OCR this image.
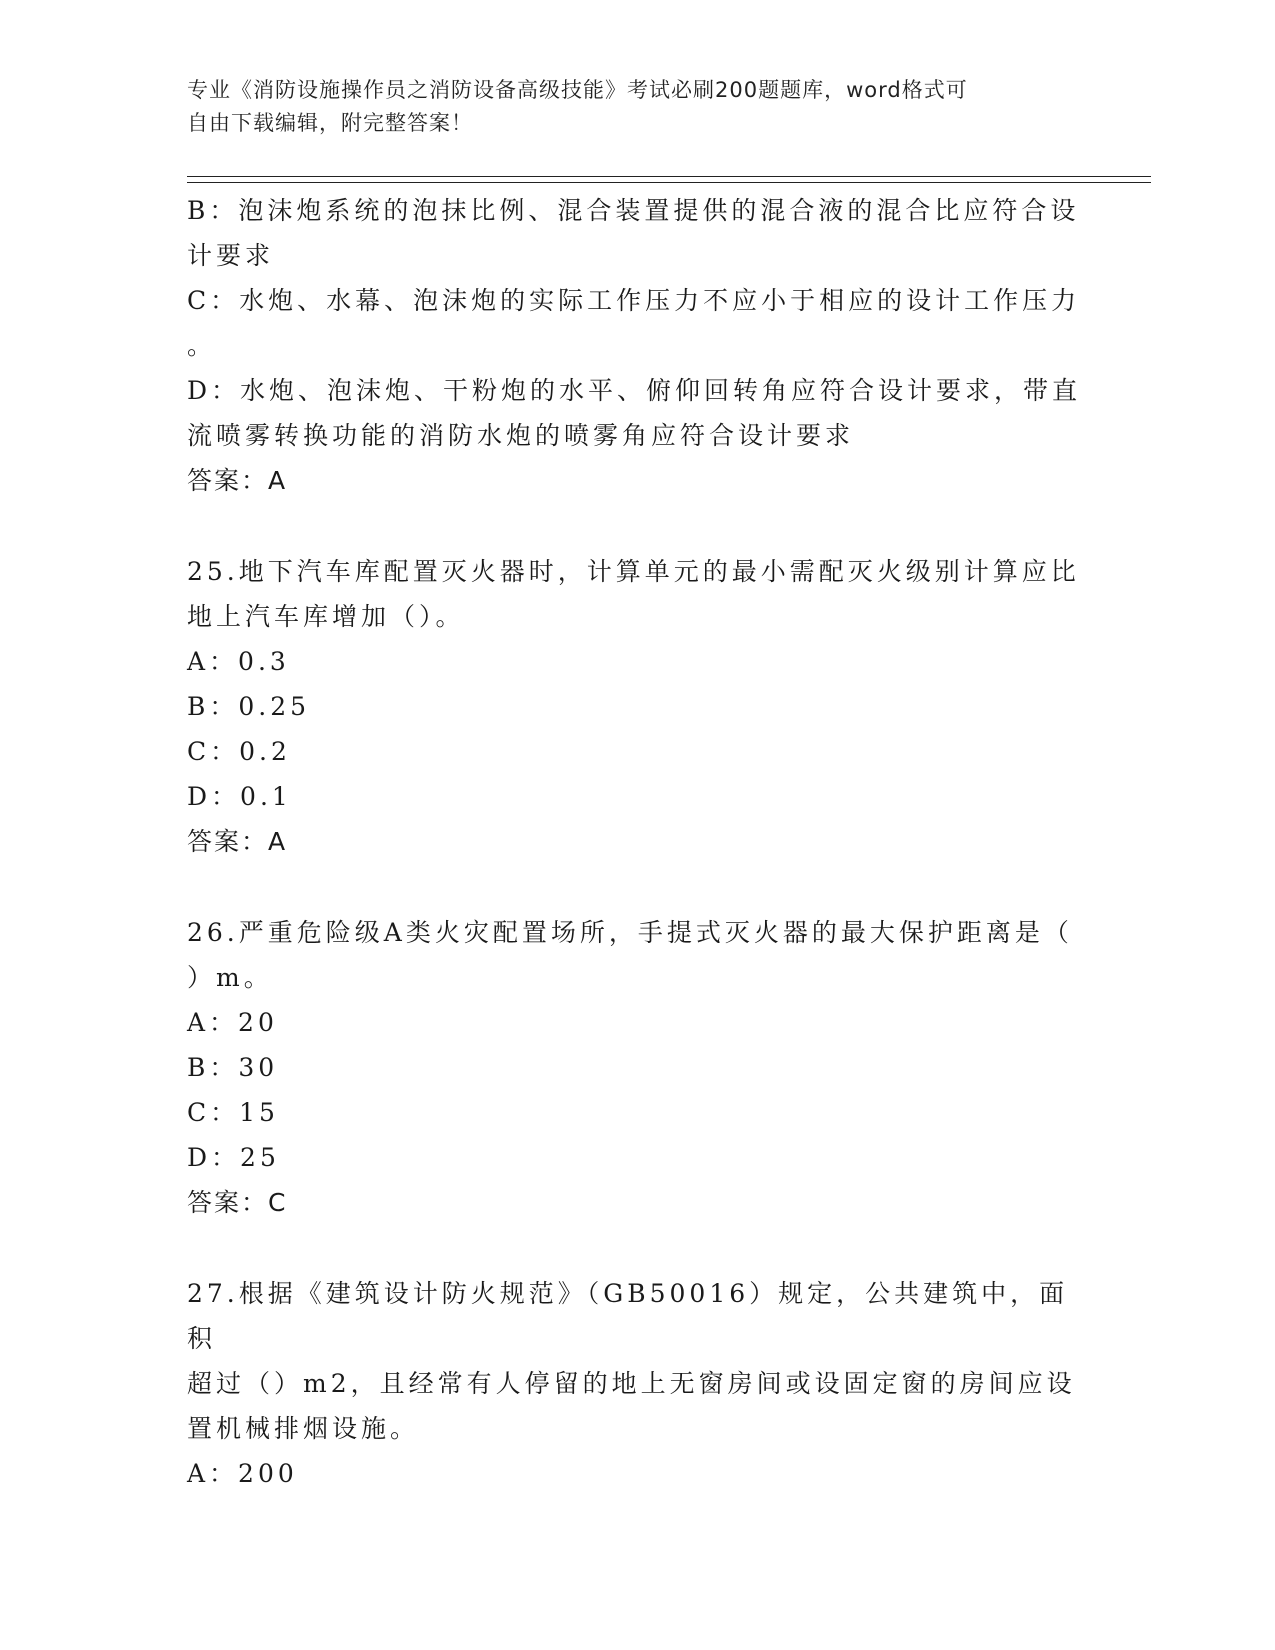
专业《消防设施操作员之消防设备高级技能》考试必刷200题题库，word格式可
自由下载编辑，附完整答案！

B：泡沫炮系统的泡抹比例、混合装置提供的混合液的混合比应符合设

计要求

C：水炮、水幕、泡沫炮的实际工作压力不应小于相应的设计工作压力

。

D：水炮、泡沫炮、干粉炮的水平、俯仰回转角应符合设计要求，带直

流喷雾转换功能的消防水炮的喷雾角应符合设计要求

答案：A

25.地下汽车库配置灭火器时，计算单元的最小需配灭火级别计算应比

地上汽车库增加（）。

A：0.3

B：0.25

C：0.2

D：0.1

答案：A

26.严重危险级A类火灾配置场所，手提式灭火器的最大保护距离是（

）m。

A：20

B：30

C：15

D：25

答案：C

27.根据《建筑设计防火规范》（GB50016）规定，公共建筑中，面积

超过（）m2，且经常有人停留的地上无窗房间或设固定窗的房间应设

置机械排烟设施。

A：200
